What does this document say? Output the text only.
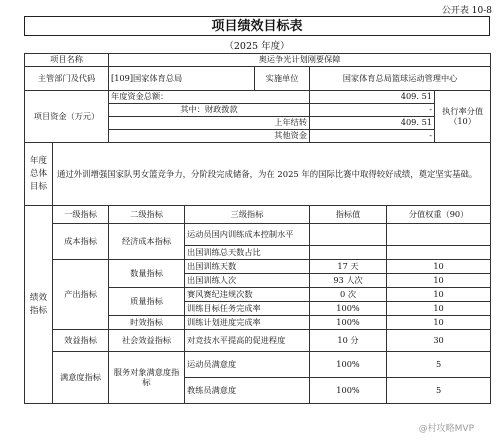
公开表 10-8
项目绩效目标表
（2025 年度）
项目名称		奥运争光计划刚要保障					
主管部门及代码		[109]国家体育总局		实施单位	国家体育总局篮球运动管理中心		
项目资金（万元）		年度资金总额：			409. 51		执行率分值（10）
		其中：财政拨款			-		
		上年结转			409. 51		
		其他资金			-		
年度总体目标	通过外训增强国家队男女篮竞争力，分阶段完成储备，为在 2025 年的国际比赛中取得较好成绩，奠定坚实基础。						
绩效指标	一级指标	二级指标	三级指标		指标值	分值权重（90）	
	成本指标	经济成本指标	运动员国内训练成本控制水平				
			出国训练总天数占比				
	产出指标	数量指标	出国训练天数		17 天	10	
			出国训练人次		93 人次	10	
		质量指标	赛风赛纪违规次数		0 次	10	
			训练目标任务完成率		100%	10	
		时效指标	训练计划进度完成率		100%	10	
	效益指标	社会效益指标	对竞技水平提高的促进程度		10 分	30	
	满意度指标	服务对象满意度指标	运动员满意度		100%	5	
			教练员满意度		100%	5	
@村攻略MVP
